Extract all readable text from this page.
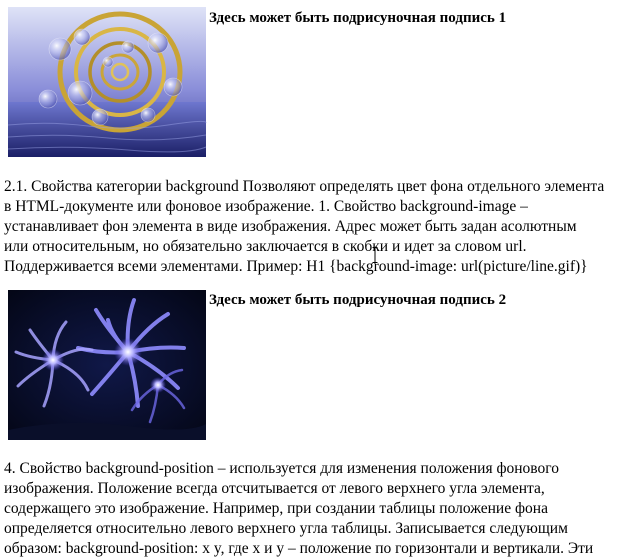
Здесь может быть подрисуночная подпись 1

2.1. Свойства категории background Позволяют определять цвет фона отдельного элемента
в HTML-документе или фоновое изображение. 1. Свойство background-image –
устанавливает фон элемента в виде изображения. Адрес может быть задан асолютным
или относительным, но обязательно заключается в скобки и идет за словом url.
Поддерживается всеми элементами. Пример: H1 {background-image: url(picture/line.gif)}

Здесь может быть подрисуночная подпись 2

4. Свойство background-position – используется для изменения положения фонового
изображения. Положение всегда отсчитывается от левого верхнего угла элемента,
содержащего это изображение. Например, при создании таблицы положение фона
определяется относительно левого верхнего угла таблицы. Записывается следующим
образом: background-position: x y, где x и y – положение по горизонтали и вертикали. Эти
